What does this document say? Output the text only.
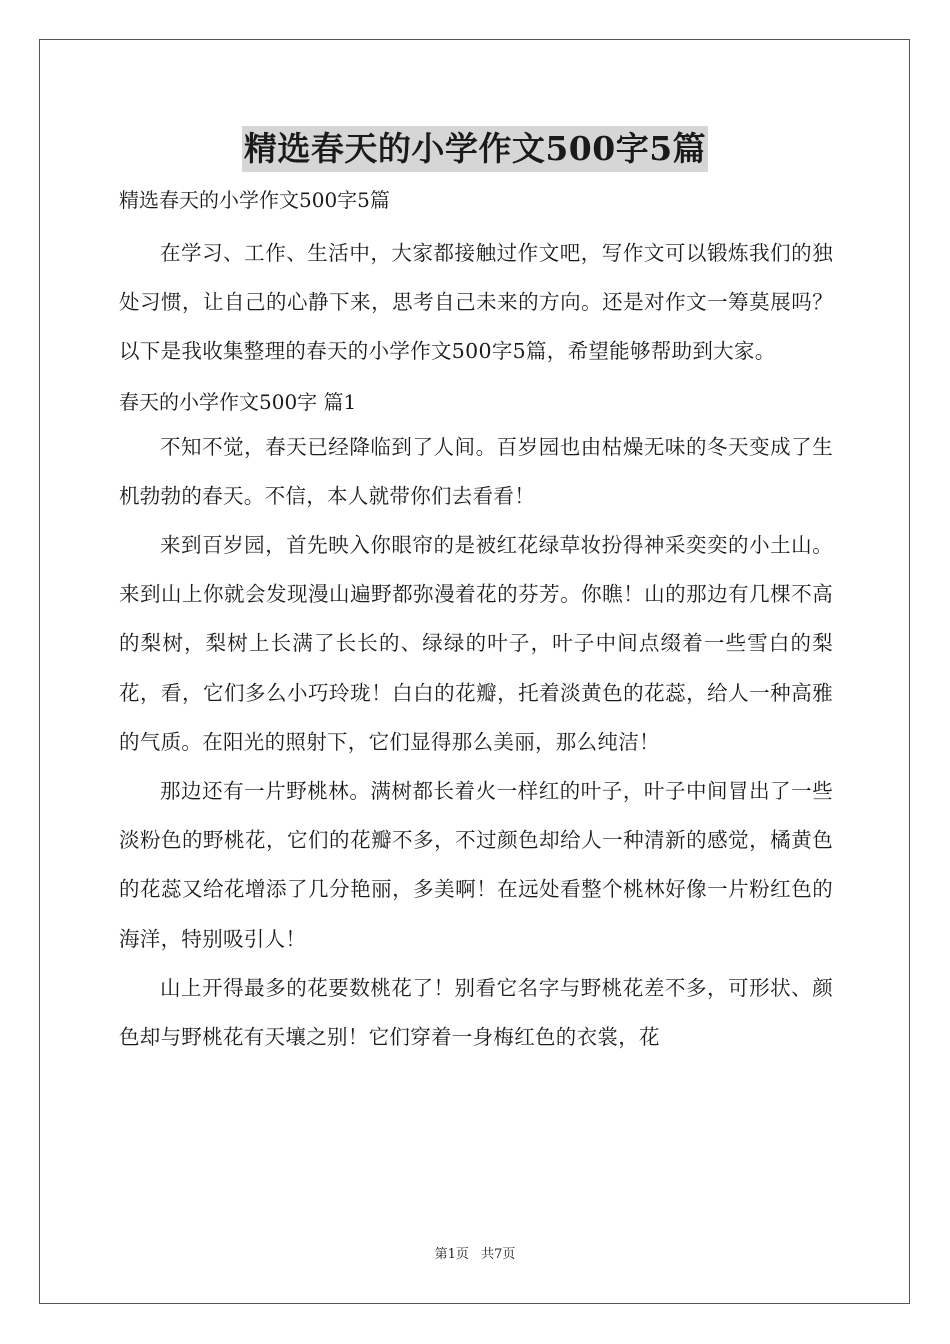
精选春天的小学作文500字5篇
精选春天的小学作文500字5篇

在学习、工作、生活中，大家都接触过作文吧，写作文可以锻炼我们的独处习惯，让自己的心静下来，思考自己未来的方向。还是对作文一筹莫展吗？以下是我收集整理的春天的小学作文500字5篇，希望能够帮助到大家。

春天的小学作文500字 篇1

不知不觉，春天已经降临到了人间。百岁园也由枯燥无味的冬天变成了生机勃勃的春天。不信，本人就带你们去看看！

来到百岁园，首先映入你眼帘的是被红花绿草妆扮得神采奕奕的小土山。来到山上你就会发现漫山遍野都弥漫着花的芬芳。你瞧！山的那边有几棵不高的梨树，梨树上长满了长长的、绿绿的叶子，叶子中间点缀着一些雪白的梨花，看，它们多么小巧玲珑！白白的花瓣，托着淡黄色的花蕊，给人一种高雅的气质。在阳光的照射下，它们显得那么美丽，那么纯洁！

那边还有一片野桃林。满树都长着火一样红的叶子，叶子中间冒出了一些淡粉色的野桃花，它们的花瓣不多，不过颜色却给人一种清新的感觉，橘黄色的花蕊又给花增添了几分艳丽，多美啊！在远处看整个桃林好像一片粉红色的海洋，特别吸引人！

山上开得最多的花要数桃花了！别看它名字与野桃花差不多，可形状、颜色却与野桃花有天壤之别！它们穿着一身梅红色的衣裳，花

第1页 共7页
